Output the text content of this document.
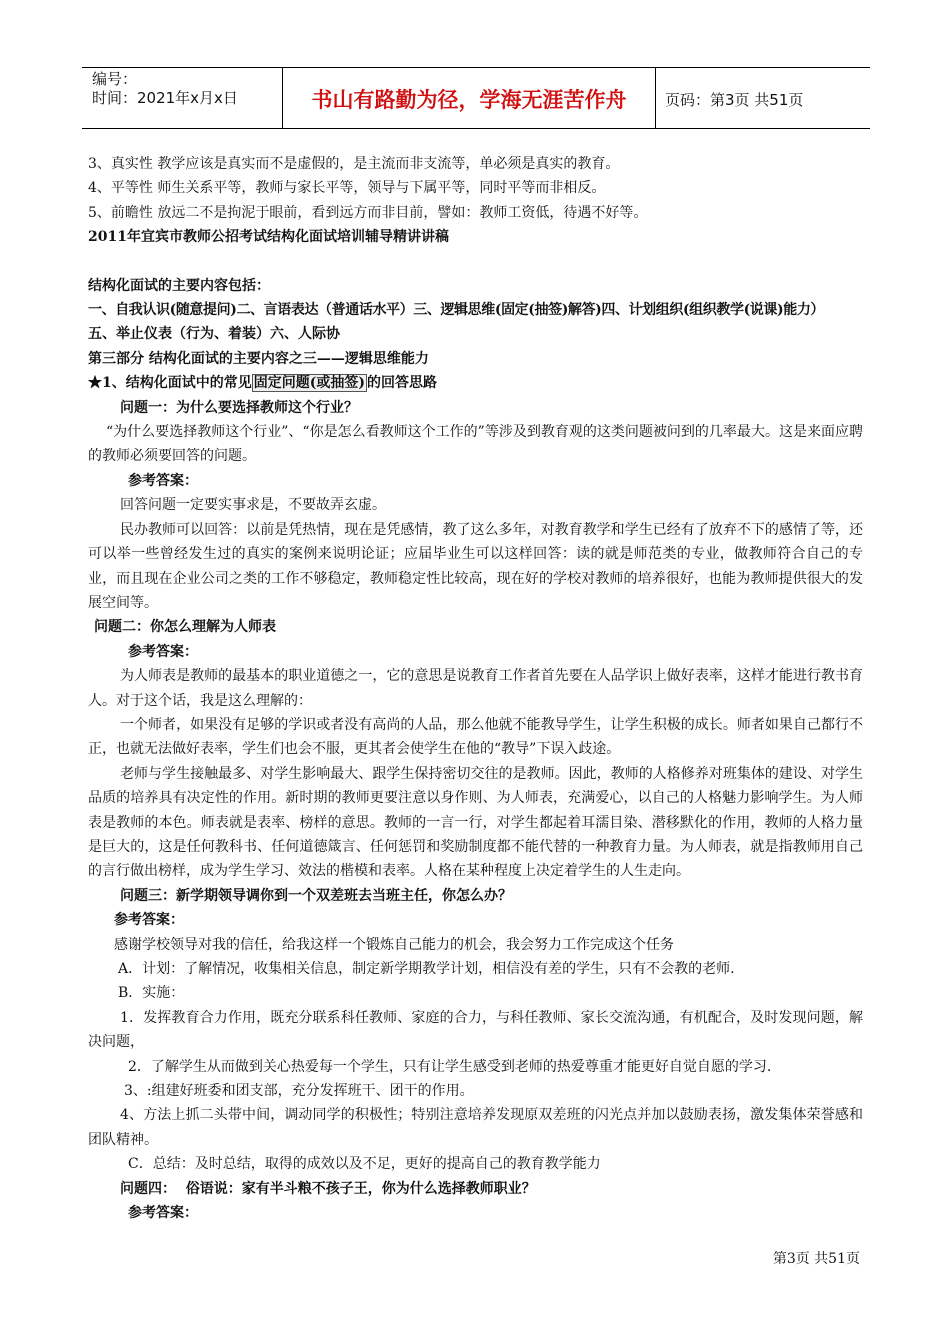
编号：
时间：2021年x月x日	书山有路勤为径，学海无涯苦作舟	页码：第3页 共51页

3、真实性 教学应该是真实而不是虚假的，是主流而非支流等，单必须是真实的教育。

4、平等性 师生关系平等，教师与家长平等，领导与下属平等，同时平等而非相反。

5、前瞻性 放远二不是拘泥于眼前，看到远方而非目前，譬如：教师工资低，待遇不好等。

2011年宜宾市教师公招考试结构化面试培训辅导精讲讲稿

结构化面试的主要内容包括：

一、自我认识(随意提问)二、言语表达（普通话水平）三、逻辑思维(固定(抽签)解答)四、计划组织(组织教学(说课)能力）

五、举止仪表（行为、着装）六、人际协

第三部分 结构化面试的主要内容之三——逻辑思维能力

★1、结构化面试中的常见 固定问题(或抽签) 的回答思路

问题一：为什么要选择教师这个行业？

“为什么要选择教师这个行业”、“你是怎么看教师这个工作的”等涉及到教育观的这类问题被问到的几率最大。这是来面应聘的教师必须要回答的问题。

参考答案：

回答问题一定要实事求是，不要故弄玄虚。

民办教师可以回答：以前是凭热情，现在是凭感情，教了这么多年，对教育教学和学生已经有了放弃不下的感情了等，还可以举一些曾经发生过的真实的案例来说明论证；应届毕业生可以这样回答：读的就是师范类的专业，做教师符合自己的专业，而且现在企业公司之类的工作不够稳定，教师稳定性比较高，现在好的学校对教师的培养很好，也能为教师提供很大的发展空间等。

问题二：你怎么理解为人师表

参考答案：

为人师表是教师的最基本的职业道德之一，它的意思是说教育工作者首先要在人品学识上做好表率，这样才能进行教书育人。对于这个话，我是这么理解的：

一个师者，如果没有足够的学识或者没有高尚的人品，那么他就不能教导学生，让学生积极的成长。师者如果自己都行不正，也就无法做好表率，学生们也会不服，更其者会使学生在他的“教导”下误入歧途。

老师与学生接触最多、对学生影响最大、跟学生保持密切交往的是教师。因此，教师的人格修养对班集体的建设、对学生品质的培养具有决定性的作用。新时期的教师更要注意以身作则、为人师表，充满爱心，以自己的人格魅力影响学生。为人师表是教师的本色。师表就是表率、榜样的意思。教师的一言一行，对学生都起着耳濡目染、潜移默化的作用，教师的人格力量是巨大的，这是任何教科书、任何道德箴言、任何惩罚和奖励制度都不能代替的一种教育力量。为人师表，就是指教师用自己的言行做出榜样，成为学生学习、效法的楷模和表率。人格在某种程度上决定着学生的人生走向。

问题三：新学期领导调你到一个双差班去当班主任，你怎么办？

参考答案：

感谢学校领导对我的信任，给我这样一个锻炼自己能力的机会，我会努力工作完成这个任务

A．计划：了解情况，收集相关信息，制定新学期教学计划，相信没有差的学生，只有不会教的老师.

B．实施：

1．发挥教育合力作用，既充分联系科任教师、家庭的合力，与科任教师、家长交流沟通，有机配合，及时发现问题，解决问题，

2．了解学生从而做到关心热爱每一个学生，只有让学生感受到老师的热爱尊重才能更好自觉自愿的学习.

3、:组建好班委和团支部，充分发挥班干、团干的作用。

4、方法上抓二头带中间，调动同学的积极性；特别注意培养发现原双差班的闪光点并加以鼓励表扬，激发集体荣誉感和团队精神。

C．总结：及时总结，取得的成效以及不足，更好的提高自己的教育教学能力

问题四：  俗语说：家有半斗粮不孩子王，你为什么选择教师职业？

参考答案：

第3页 共51页
